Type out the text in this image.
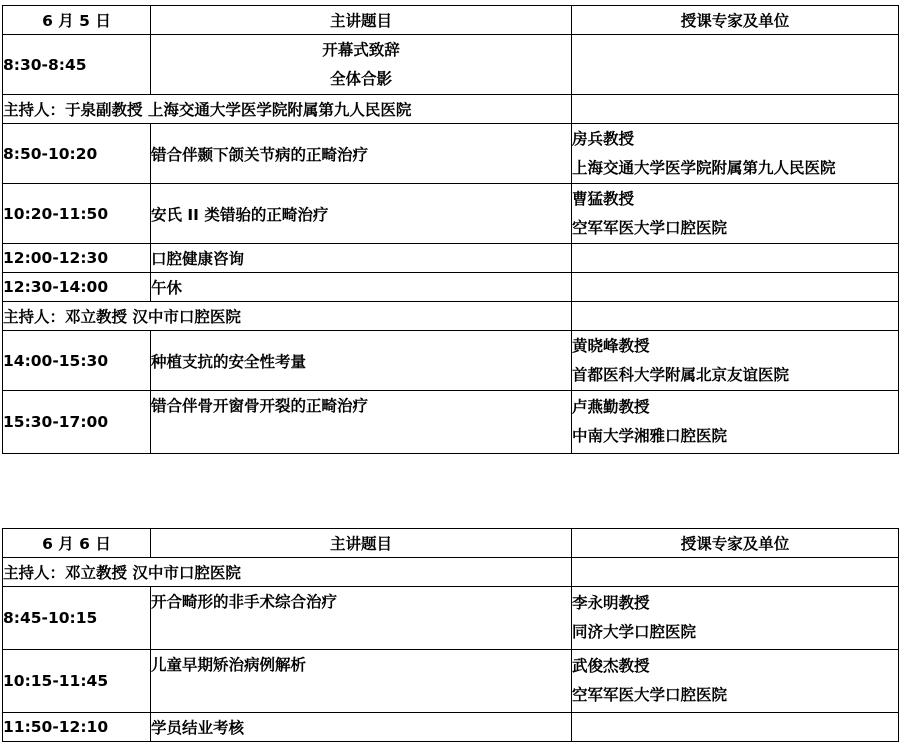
6 月 5 日	主讲题目	授课专家及单位
8:30-8:45	开幕式致辞
全体合影	

主持人：于泉副教授 上海交通大学医学院附属第九人民医院		
8:50-10:20	错合伴颞下颌关节病的正畸治疗	房兵教授
上海交通大学医学院附属第九人民医院

10:20-11:50	安氏 II 类错骀的正畸治疗	曹猛教授
空军军医大学口腔医院

12:00-12:30	口腔健康咨询	
12:30-14:00	午休	
主持人：邓立教授 汉中市口腔医院		
14:00-15:30	种植支抗的安全性考量	黄晓峰教授
首都医科大学附属北京友谊医院

15:30-17:00	错合伴骨开窗骨开裂的正畸治疗	卢燕勤教授
中南大学湘雅口腔医院
6 月 6 日	主讲题目	授课专家及单位
主持人：邓立教授 汉中市口腔医院		
8:45-10:15	开合畸形的非手术综合治疗	李永明教授
同济大学口腔医院

10:15-11:45	儿童早期矫治病例解析	武俊杰教授
空军军医大学口腔医院

11:50-12:10	学员结业考核	
